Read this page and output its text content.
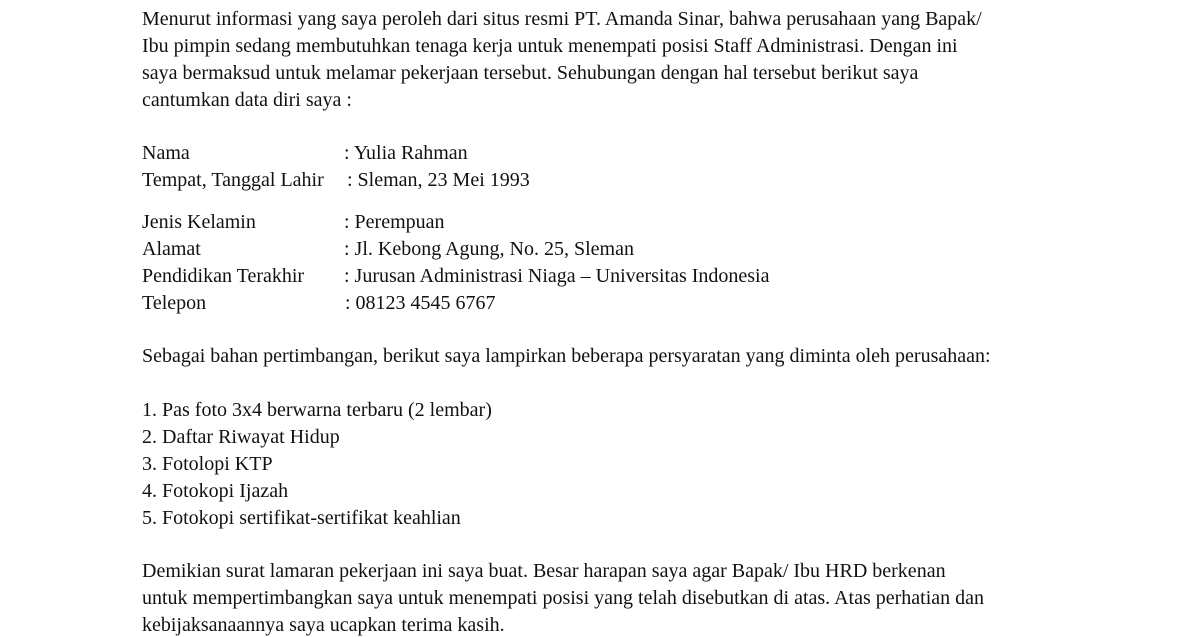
Menurut informasi yang saya peroleh dari situs resmi PT. Amanda Sinar, bahwa perusahaan yang Bapak/

Ibu pimpin sedang membutuhkan tenaga kerja untuk menempati posisi Staff Administrasi. Dengan ini

saya bermaksud untuk melamar pekerjaan tersebut. Sehubungan dengan hal tersebut berikut saya

cantumkan data diri saya :

Nama	: Yulia Rahman
Tempat, Tanggal Lahir : Sleman, 23 Mei 1993
Jenis Kelamin	: Perempuan
Alamat	: Jl. Kebong Agung, No. 25, Sleman
Pendidikan Terakhir : Jurusan Administrasi Niaga – Universitas Indonesia
Telepon	: 08123 4545 6767

Sebagai bahan pertimbangan, berikut saya lampirkan beberapa persyaratan yang diminta oleh perusahaan:

1. Pas foto 3x4 berwarna terbaru (2 lembar)

2. Daftar Riwayat Hidup

3. Fotolopi KTP

4. Fotokopi Ijazah

5. Fotokopi sertifikat-sertifikat keahlian

Demikian surat lamaran pekerjaan ini saya buat. Besar harapan saya agar Bapak/ Ibu HRD berkenan

untuk mempertimbangkan saya untuk menempati posisi yang telah disebutkan di atas. Atas perhatian dan

kebijaksanaannya saya ucapkan terima kasih.
